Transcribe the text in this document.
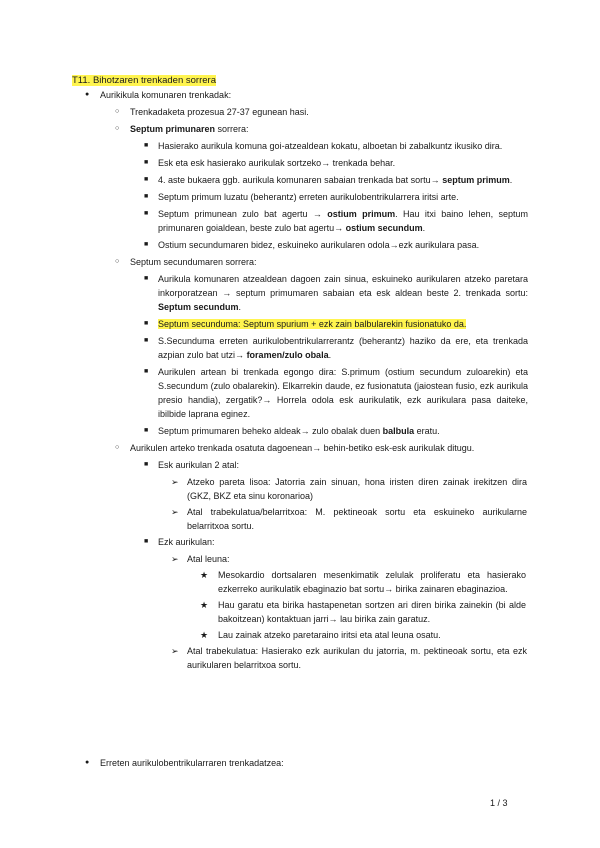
T11. Bihotzaren trenkaden sorrera
● Aurikikula komunaren trenkadak:
○ Trenkadaketa prozesua 27-37 egunean hasi.
○ Septum primunaren sorrera:
■ Hasierako aurikula komuna goi-atzealdean kokatu, alboetan bi zabalkuntz ikusiko dira.
■ Esk eta esk hasierako aurikulak sortzeko→ trenkada behar.
■ 4. aste bukaera ggb. aurikula komunaren sabaian trenkada bat sortu→ septum primum.
■ Septum primum luzatu (beherantz) erreten aurikulobentrikularrera iritsi arte.
■ Septum primunean zulo bat agertu → ostium primum. Hau itxi baino lehen, septum primunaren goialdean, beste zulo bat agertu→ ostium secundum.
■ Ostium secundumaren bidez, eskuineko aurikularen odola→ezk aurikulara pasa.
○ Septum secundumaren sorrera:
■ Aurikula komunaren atzealdean dagoen zain sinua, eskuineko aurikularen atzeko paretara inkorporatzean → septum primumaren sabaian eta esk aldean beste 2. trenkada sortu: Septum secundum.
■ Septum secunduma: Septum spurium + ezk zain balbularekin fusionatuko da.
■ S.Secunduma erreten aurikulobentrikularrerantz (beherantz) haziko da ere, eta trenkada azpian zulo bat utzi→ foramen/zulo obala.
■ Aurikulen artean bi trenkada egongo dira: S.primum (ostium secundum zuloarekin) eta S.secundum (zulo obalarekin). Elkarrekin daude, ez fusionatuta (jaiostean fusio, ezk aurikula presio handia), zergatik?→ Horrela odola esk aurikulatik, ezk aurikulara pasa daiteke, ibilbide laprana eginez.
■ Septum primumaren beheko aldeak→ zulo obalak duen balbula eratu.
○ Aurikulen arteko trenkada osatuta dagoenean→ behin-betiko esk-esk aurikulak ditugu.
■ Esk aurikulan 2 atal:
➢ Atzeko pareta lisoa: Jatorria zain sinuan, hona iristen diren zainak irekitzen dira (GKZ, BKZ eta sinu koronarioa)
➢ Atal trabekulatua/belarritxoa: M. pektineoak sortu eta eskuineko aurikularne belarritxoa sortu.
■ Ezk aurikulan:
➢ Atal leuna:
★ Mesokardio dortsalaren mesenkimatik zelulak proliferatu eta hasierako ezkerreko aurikulatik ebaginazio bat sortu→ birika zainaren ebaginazioa.
★ Hau garatu eta birika hastapenetan sortzen ari diren birika zainekin (bi alde bakoitzean) kontaktuan jarri→ lau birika zain garatuz.
★ Lau zainak atzeko paretaraino iritsi eta atal leuna osatu.
➢ Atal trabekulatua: Hasierako ezk aurikulan du jatorria, m. pektineoak sortu, eta ezk aurikularen belarritxoa sortu.
● Erreten aurikulobentrikularraren trenkadatzea:
1 / 3
